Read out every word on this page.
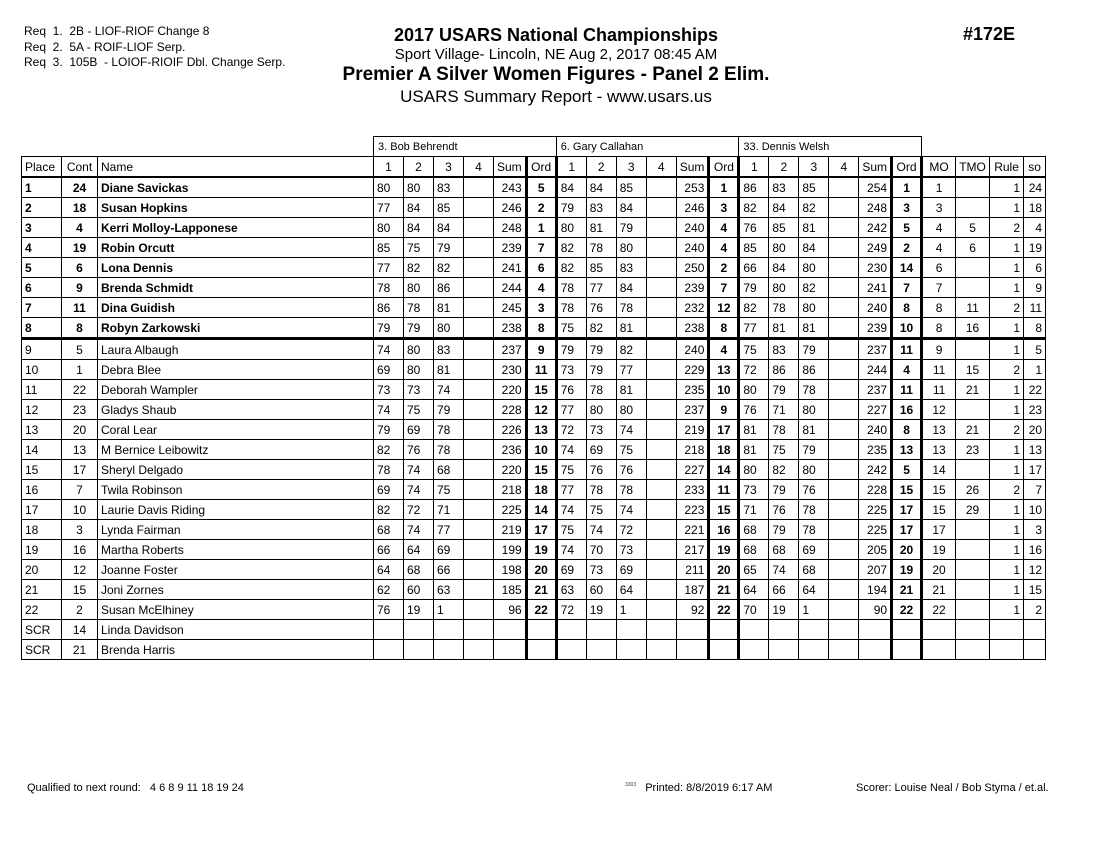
Req  1.  2B - LIOF-RIOF Change 8
Req  2.  5A - ROIF-LIOF Serp.
Req  3.  105B  - LOIOF-RIOIF Dbl. Change Serp.
2017 USARS National Championships
Sport Village- Lincoln, NE Aug 2, 2017 08:45 AM
Premier A Silver Women Figures - Panel 2 Elim.
USARS Summary Report - www.usars.us
#172E
			3. Bob Behrendt						6. Gary Callahan						33. Dennis Welsh									
Place	Cont	Name	1	2	3	4	Sum	Ord	1	2	3	4	Sum	Ord	1	2	3	4	Sum	Ord	MO	TMO	Rule	so
1	24	Diane Savickas	80	80	83		243	5	84	84	85		253	1	86	83	85		254	1	1		1	24
2	18	Susan Hopkins	77	84	85		246	2	79	83	84		246	3	82	84	82		248	3	3		1	18
3	4	Kerri Molloy-Lapponese	80	84	84		248	1	80	81	79		240	4	76	85	81		242	5	4	5	2	4
4	19	Robin Orcutt	85	75	79		239	7	82	78	80		240	4	85	80	84		249	2	4	6	1	19
5	6	Lona Dennis	77	82	82		241	6	82	85	83		250	2	66	84	80		230	14	6		1	6
6	9	Brenda Schmidt	78	80	86		244	4	78	77	84		239	7	79	80	82		241	7	7		1	9
7	11	Dina Guidish	86	78	81		245	3	78	76	78		232	12	82	78	80		240	8	8	11	2	11
8	8	Robyn Zarkowski	79	79	80		238	8	75	82	81		238	8	77	81	81		239	10	8	16	1	8
9	5	Laura Albaugh	74	80	83		237	9	79	79	82		240	4	75	83	79		237	11	9		1	5
10	1	Debra Blee	69	80	81		230	11	73	79	77		229	13	72	86	86		244	4	11	15	2	1
11	22	Deborah Wampler	73	73	74		220	15	76	78	81		235	10	80	79	78		237	11	11	21	1	22
12	23	Gladys Shaub	74	75	79		228	12	77	80	80		237	9	76	71	80		227	16	12		1	23
13	20	Coral Lear	79	69	78		226	13	72	73	74		219	17	81	78	81		240	8	13	21	2	20
14	13	M Bernice Leibowitz	82	76	78		236	10	74	69	75		218	18	81	75	79		235	13	13	23	1	13
15	17	Sheryl Delgado	78	74	68		220	15	75	76	76		227	14	80	82	80		242	5	14		1	17
16	7	Twila Robinson	69	74	75		218	18	77	78	78		233	11	73	79	76		228	15	15	26	2	7
17	10	Laurie Davis Riding	82	72	71		225	14	74	75	74		223	15	71	76	78		225	17	15	29	1	10
18	3	Lynda Fairman	68	74	77		219	17	75	74	72		221	16	68	79	78		225	17	17		1	3
19	16	Martha Roberts	66	64	69		199	19	74	70	73		217	19	68	68	69		205	20	19		1	16
20	12	Joanne Foster	64	68	66		198	20	69	73	69		211	20	65	74	68		207	19	20		1	12
21	15	Joni Zornes	62	60	63		185	21	63	60	64		187	21	64	66	64		194	21	21		1	15
22	2	Susan McElhiney	76	19	1		96	22	72	19	1		92	22	70	19	1		90	22	22		1	2
SCR	14	Linda Davidson																						
SCR	21	Brenda Harris																						
Qualified to next round: 4 6 8 9 11 18 19 24	$^{3303}$ Printed: 8/8/2019 6:17 AM	Scorer: Louise Neal / Bob Styma / et.al.
